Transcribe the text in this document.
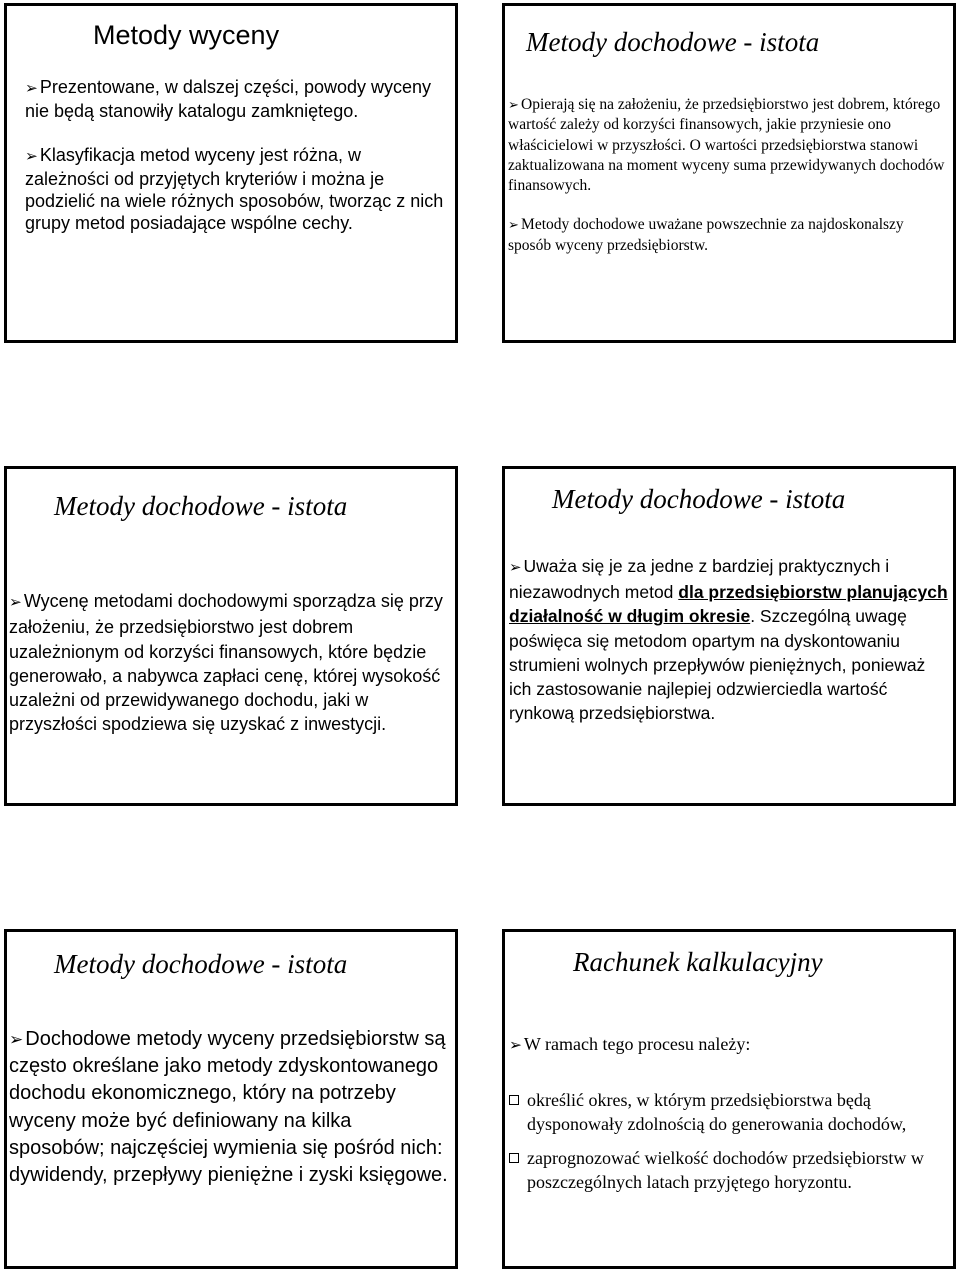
Metody wyceny

➢ Prezentowane, w dalszej części, powody wyceny nie będą stanowiły katalogu zamkniętego.

➢ Klasyfikacja metod wyceny jest różna, w zależności od przyjętych kryteriów i można je podzielić na wiele różnych sposobów, tworząc z nich grupy metod posiadające wspólne cechy.

Metody dochodowe - istota

➢ Opierają się na założeniu, że przedsiębiorstwo jest dobrem, którego wartość zależy od korzyści finansowych, jakie przyniesie ono właścicielowi w przyszłości. O wartości przedsiębiorstwa stanowi zaktualizowana na moment wyceny suma przewidywanych dochodów finansowych.

➢ Metody dochodowe uważane powszechnie za najdoskonalszy sposób wyceny przedsiębiorstw.

Metody dochodowe - istota

➢ Wycenę metodami dochodowymi sporządza się przy założeniu, że przedsiębiorstwo jest dobrem uzależnionym od korzyści finansowych, które będzie generowało, a nabywca zapłaci cenę, której wysokość uzależni od przewidywanego dochodu, jaki w przyszłości spodziewa się uzyskać z inwestycji.

Metody dochodowe - istota

➢ Uważa się je za jedne z bardziej praktycznych i niezawodnych metod dla przedsiębiorstw planujących działalność w długim okresie. Szczególną uwagę poświęca się metodom opartym na dyskontowaniu strumieni wolnych przepływów pieniężnych, ponieważ ich zastosowanie najlepiej odzwierciedla wartość rynkową przedsiębiorstwa.

Metody dochodowe - istota

➢ Dochodowe metody wyceny przedsiębiorstw są często określane jako metody zdyskontowanego dochodu ekonomicznego, który na potrzeby wyceny może być definiowany na kilka sposobów; najczęściej wymienia się pośród nich: dywidendy, przepływy pieniężne i zyski księgowe.

Rachunek kalkulacyjny

➢ W ramach tego procesu należy:

określić okres, w którym przedsiębiorstwa będą dysponowały zdolnością do generowania dochodów,

zaprognozować wielkość dochodów przedsiębiorstw w poszczególnych latach przyjętego horyzontu.
